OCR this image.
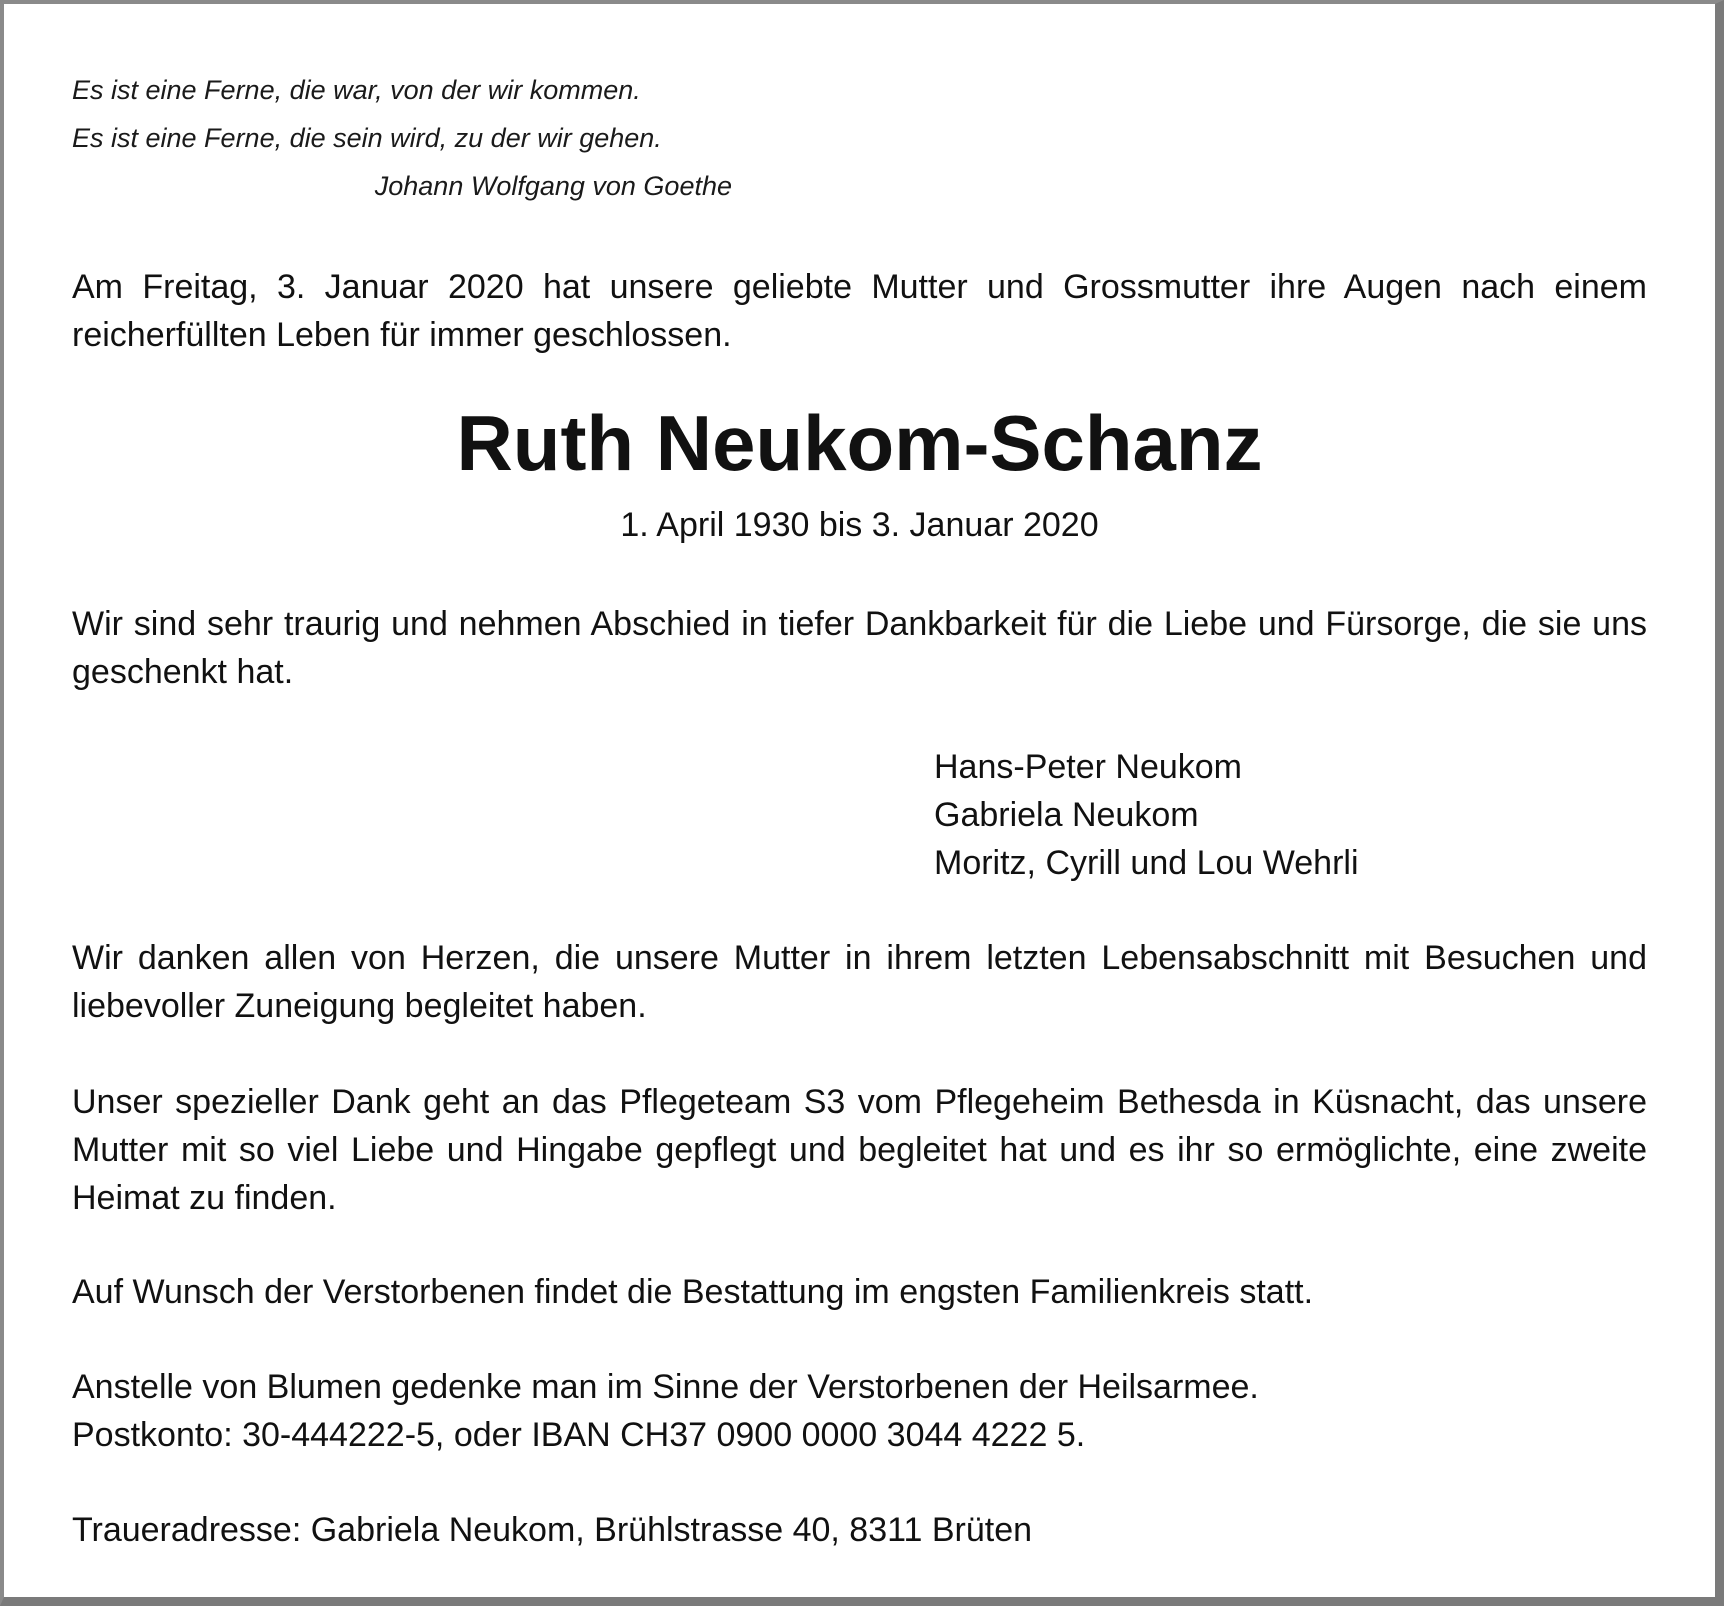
Es ist eine Ferne, die war, von der wir kommen.
Es ist eine Ferne, die sein wird, zu der wir gehen.
Johann Wolfgang von Goethe

Am Freitag, 3. Januar 2020 hat unsere geliebte Mutter und Grossmutter ihre Augen nach einem reicherfüllten Leben für immer geschlossen.

Ruth Neukom-Schanz
1. April 1930 bis 3. Januar 2020

Wir sind sehr traurig und nehmen Abschied in tiefer Dankbarkeit für die Liebe und Fürsorge, die sie uns geschenkt hat.

Hans-Peter Neukom
Gabriela Neukom
Moritz, Cyrill und Lou Wehrli

Wir danken allen von Herzen, die unsere Mutter in ihrem letzten Lebensabschnitt mit Besuchen und liebevoller Zuneigung begleitet haben.

Unser spezieller Dank geht an das Pflegeteam S3 vom Pflegeheim Bethesda in Küsnacht, das unsere Mutter mit so viel Liebe und Hingabe gepflegt und begleitet hat und es ihr so ermöglichte, eine zweite Heimat zu finden.

Auf Wunsch der Verstorbenen findet die Bestattung im engsten Familienkreis statt.

Anstelle von Blumen gedenke man im Sinne der Verstorbenen der Heilsarmee.
Postkonto: 30-444222-5, oder IBAN CH37 0900 0000 3044 4222 5.

Traueradresse: Gabriela Neukom, Brühlstrasse 40, 8311 Brüten
